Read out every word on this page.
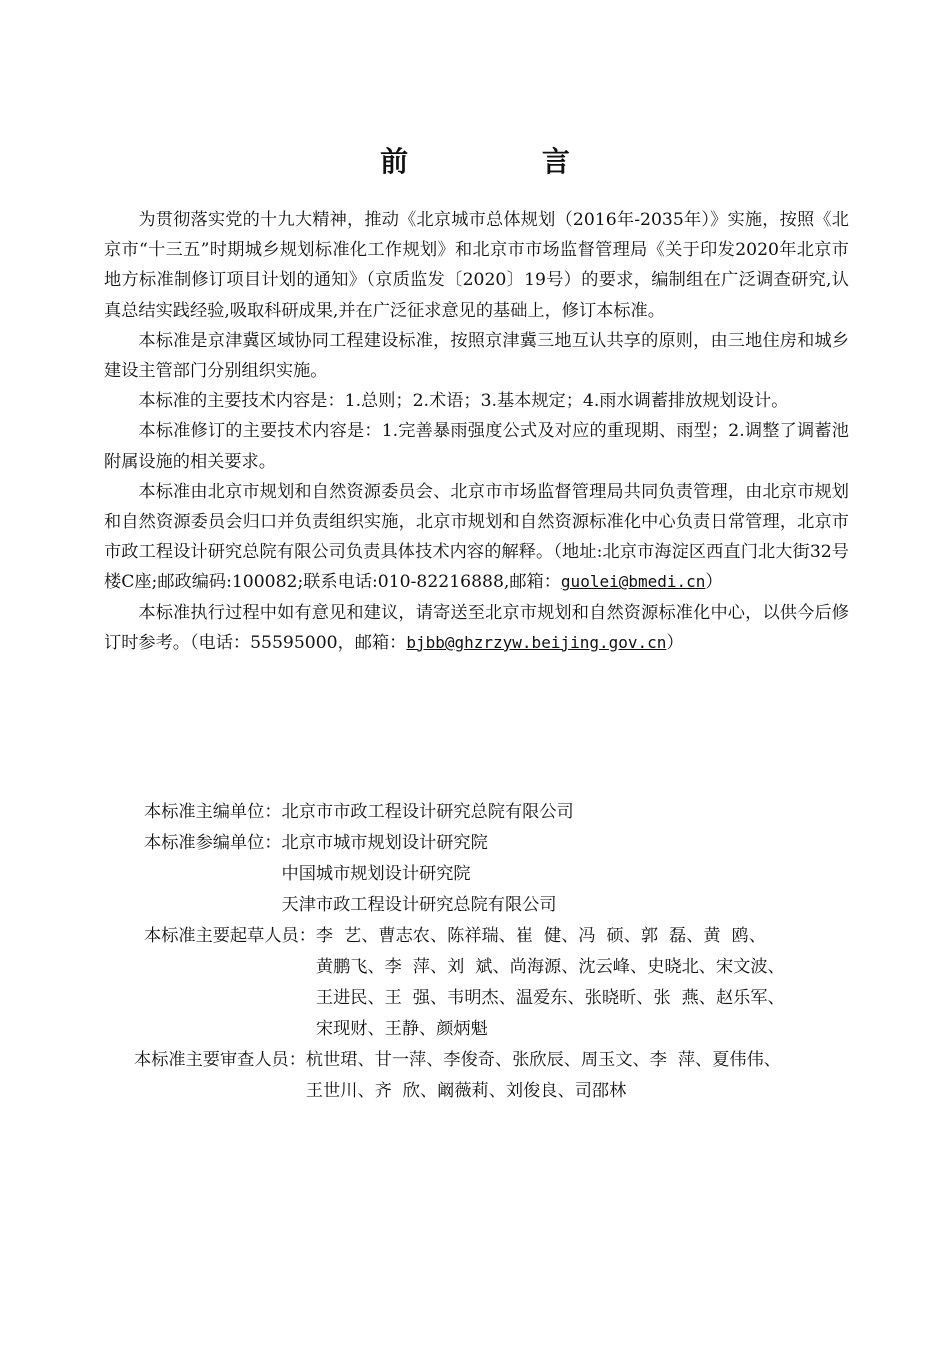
前 言

为贯彻落实党的十九大精神，推动《北京城市总体规划（2016年-2035年）》实施，按照《北京市“十三五”时期城乡规划标准化工作规划》和北京市市场监督管理局《关于印发2020年北京市地方标准制修订项目计划的通知》（京质监发〔2020〕19号）的要求，编制组在广泛调查研究,认真总结实践经验,吸取科研成果,并在广泛征求意见的基础上，修订本标准。

本标准是京津冀区域协同工程建设标准，按照京津冀三地互认共享的原则，由三地住房和城乡建设主管部门分别组织实施。

本标准的主要技术内容是：1.总则；2.术语；3.基本规定；4.雨水调蓄排放规划设计。

本标准修订的主要技术内容是：1.完善暴雨强度公式及对应的重现期、雨型；2.调整了调蓄池附属设施的相关要求。

本标准由北京市规划和自然资源委员会、北京市市场监督管理局共同负责管理，由北京市规划和自然资源委员会归口并负责组织实施，北京市规划和自然资源标准化中心负责日常管理，北京市市政工程设计研究总院有限公司负责具体技术内容的解释。（地址:北京市海淀区西直门北大街32号楼C座;邮政编码:100082;联系电话:010-82216888,邮箱：guolei@bmedi.cn）

本标准执行过程中如有意见和建议，请寄送至北京市规划和自然资源标准化中心，以供今后修订时参考。（电话：55595000，邮箱：bjbb@ghzrzyw.beijing.gov.cn）

本标准主编单位： 北京市市政工程设计研究总院有限公司
本标准参编单位： 北京市城市规划设计研究院
中国城市规划设计研究院
天津市政工程设计研究总院有限公司
本标准主要起草人员： 李  艺、 曹志农、 陈祥瑞、 崔  健、 冯  硕、 郭  磊、 黄  鸥、
黄鹏飞、 李  萍、 刘  斌、 尚海源、 沈云峰、 史晓北、 宋文 波、
王进民、 王  强、 韦明杰、 温爱东、 张晓昕、 张  燕、 赵乐军、
宋现财、 王静、 颜炳魁
本标准主要审查人员： 杭世珺、 甘一萍、 李俊奇、 张欣辰、 周玉文、 李  萍、 夏伟伟、
王世川、 齐  欣、 阚薇莉、 刘俊良、 司邵林
